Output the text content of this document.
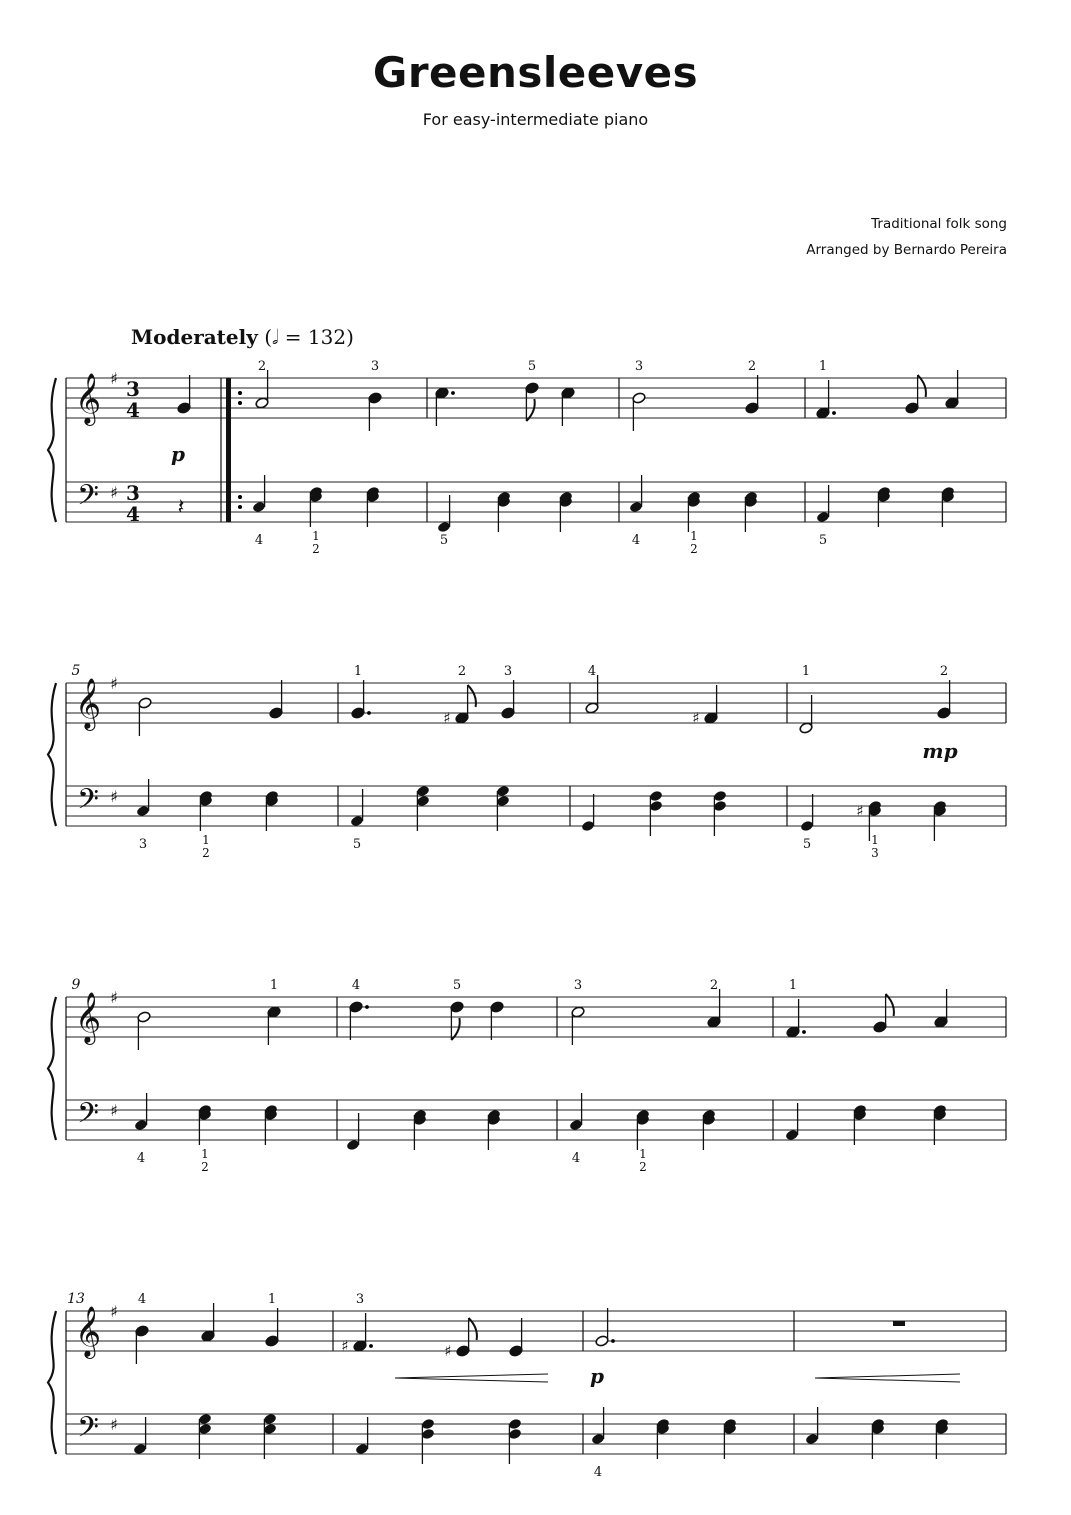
Greensleeves
For easy-intermediate piano
Traditional folk song
Arranged by Bernardo Pereira
Moderately (𝅗𝅥 = 132)
𝄞
𝄢
♯
♯
𝄞
𝄢
♯
♯
5
𝄞
𝄢
♯
♯
9
𝄞
𝄢
♯
♯
13
3
4
3
4 𝄽
2	3	5	3	2	1
4	1
2
5	4	1
2
5
♯	♯
♯
1	2	3	4	1	2
3	1
2
5	5	1
3
1	4	5	3	2	1
4	1
2
4	1
2
♯	♯
4	1	3
4
p
mp
p
